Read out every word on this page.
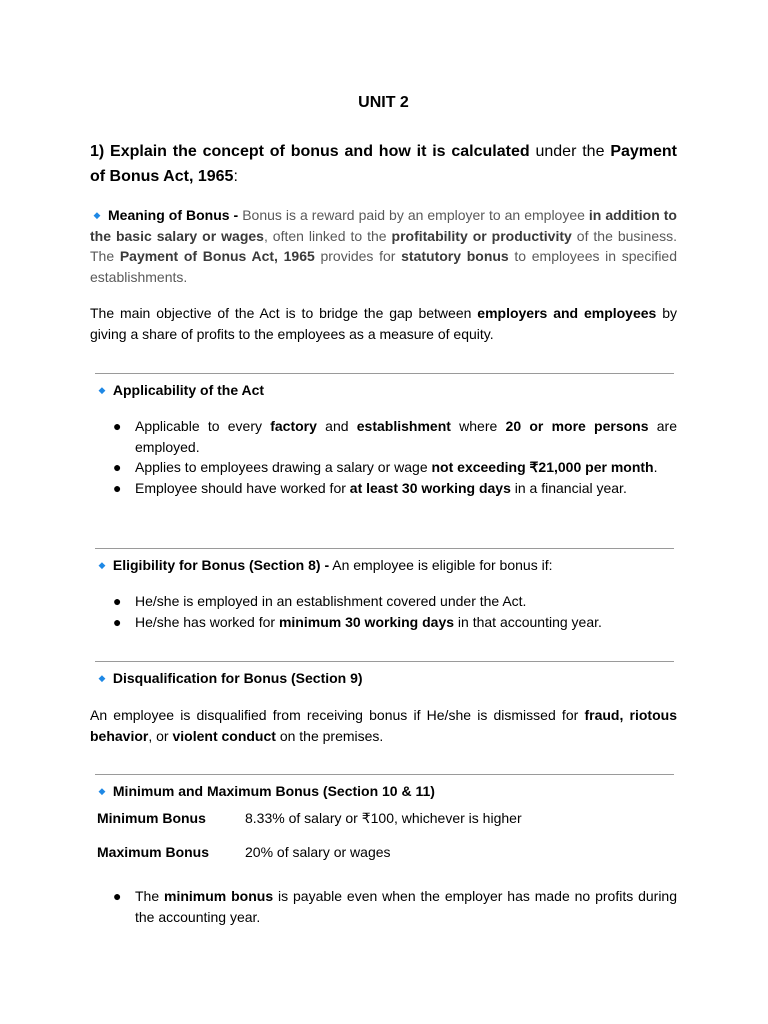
UNIT 2
1) Explain the concept of bonus and how it is calculated under the Payment of Bonus Act, 1965:

◆ Meaning of Bonus - Bonus is a reward paid by an employer to an employee in addition to the basic salary or wages, often linked to the profitability or productivity of the business. The Payment of Bonus Act, 1965 provides for statutory bonus to employees in specified establishments.

The main objective of the Act is to bridge the gap between employers and employees by giving a share of profits to the employees as a measure of equity.

◆ Applicability of the Act
● Applicable to every factory and establishment where 20 or more persons are employed.
● Applies to employees drawing a salary or wage not exceeding ₹21,000 per month.
● Employee should have worked for at least 30 working days in a financial year.
◆ Eligibility for Bonus (Section 8) - An employee is eligible for bonus if:
● He/she is employed in an establishment covered under the Act.
● He/she has worked for minimum 30 working days in that accounting year.
◆ Disqualification for Bonus (Section 9)

An employee is disqualified from receiving bonus if He/she is dismissed for fraud, riotous behavior, or violent conduct on the premises.

◆ Minimum and Maximum Bonus (Section 10 & 11)
Minimum Bonus	8.33% of salary or ₹100, whichever is higher
Maximum Bonus	20% of salary or wages
● The minimum bonus is payable even when the employer has made no profits during the accounting year.
